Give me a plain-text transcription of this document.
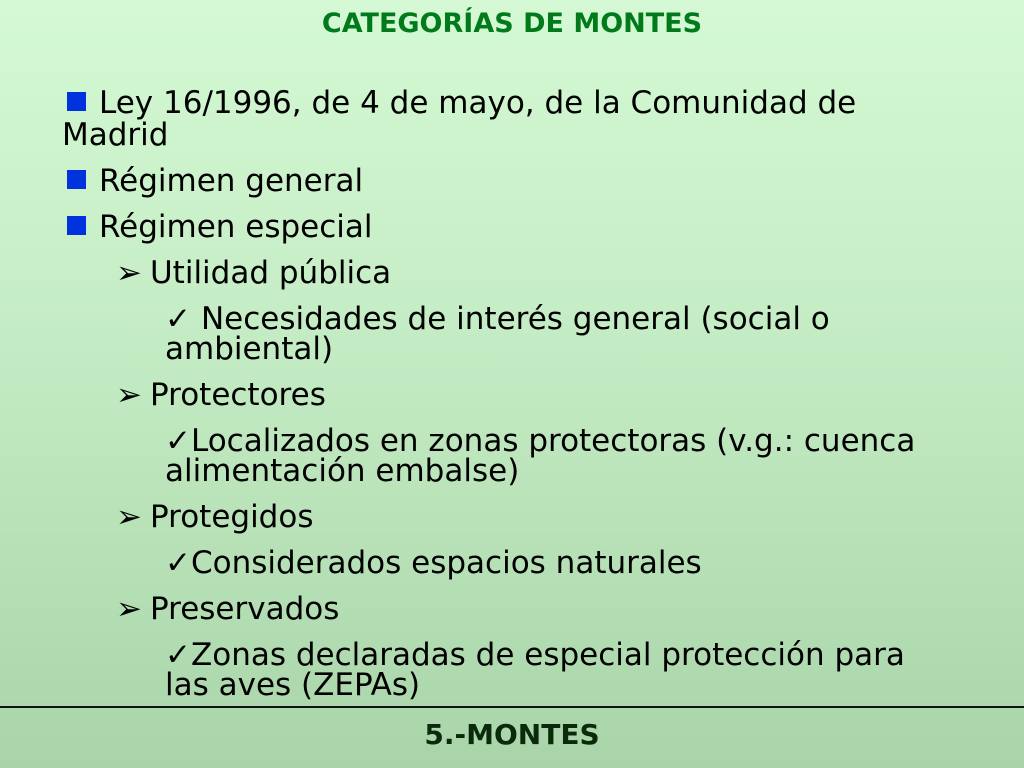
CATEGORÍAS DE MONTES
Ley 16/1996, de 4 de mayo, de la Comunidad de
Madrid
Régimen general
Régimen especial
➢ Utilidad pública
✓ Necesidades de interés general (social o
ambiental)
➢ Protectores
✓Localizados en zonas protectoras (v.g.: cuenca
alimentación embalse)
➢ Protegidos
✓Considerados espacios naturales
➢ Preservados
✓Zonas declaradas de especial protección para
las aves (ZEPAs)
5.-MONTES
